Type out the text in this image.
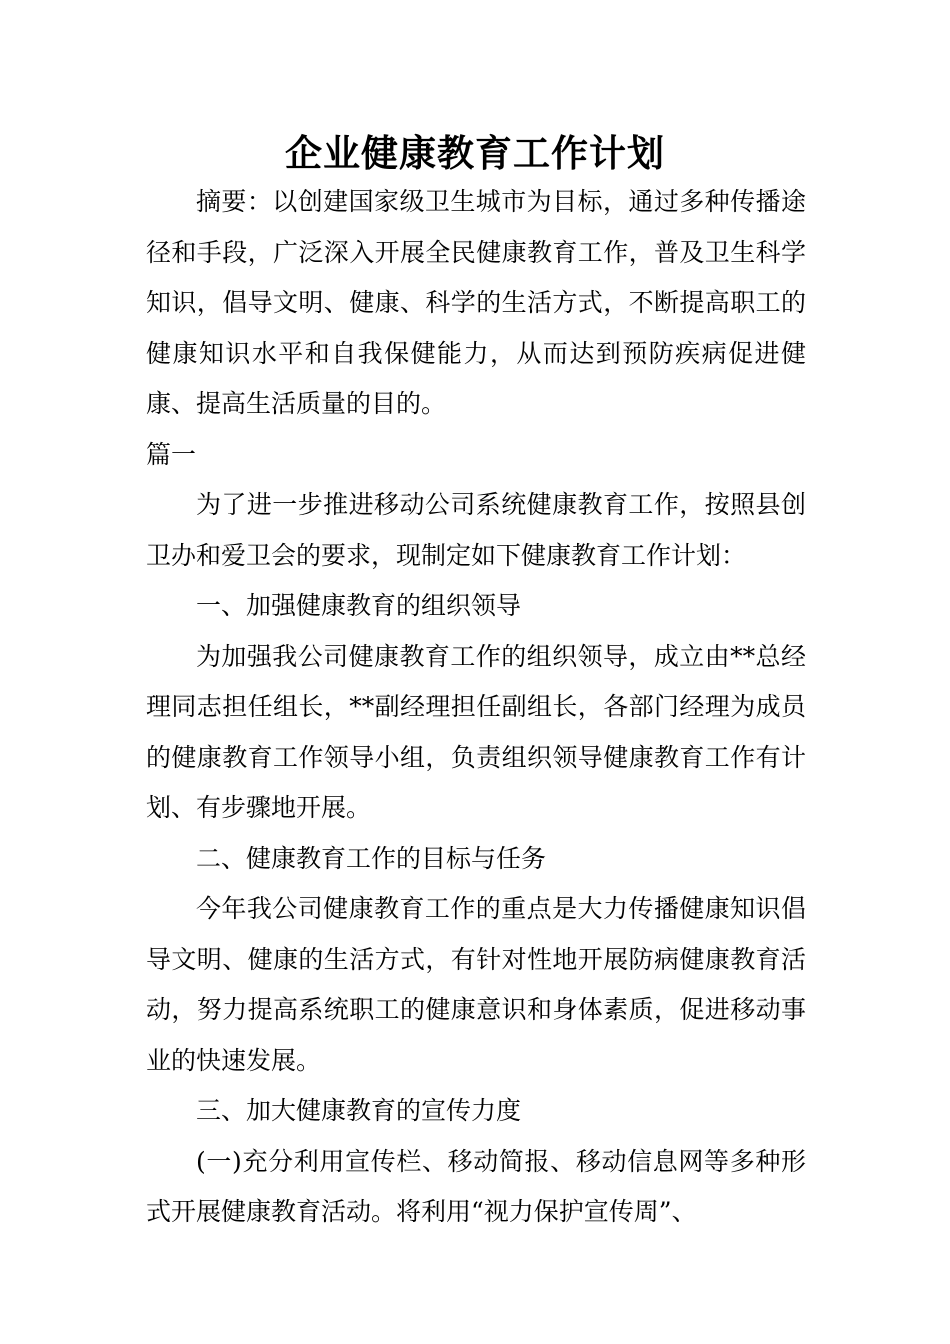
企业健康教育工作计划

摘要：以创建国家级卫生城市为目标，通过多种传播途径和手段，广泛深入开展全民健康教育工作，普及卫生科学知识，倡导文明、健康、科学的生活方式，不断提高职工的健康知识水平和自我保健能力，从而达到预防疾病促进健康、提高生活质量的目的。

篇一

为了进一步推进移动公司系统健康教育工作，按照县创卫办和爱卫会的要求，现制定如下健康教育工作计划：

一、加强健康教育的组织领导

为加强我公司健康教育工作的组织领导，成立由**总经理同志担任组长，**副经理担任副组长，各部门经理为成员的健康教育工作领导小组，负责组织领导健康教育工作有计划、有步骤地开展。

二、健康教育工作的目标与任务

今年我公司健康教育工作的重点是大力传播健康知识倡导文明、健康的生活方式，有针对性地开展防病健康教育活动，努力提高系统职工的健康意识和身体素质，促进移动事业的快速发展。

三、加大健康教育的宣传力度

(一)充分利用宣传栏、移动简报、移动信息网等多种形式开展健康教育活动。将利用“视力保护宣传周”、
